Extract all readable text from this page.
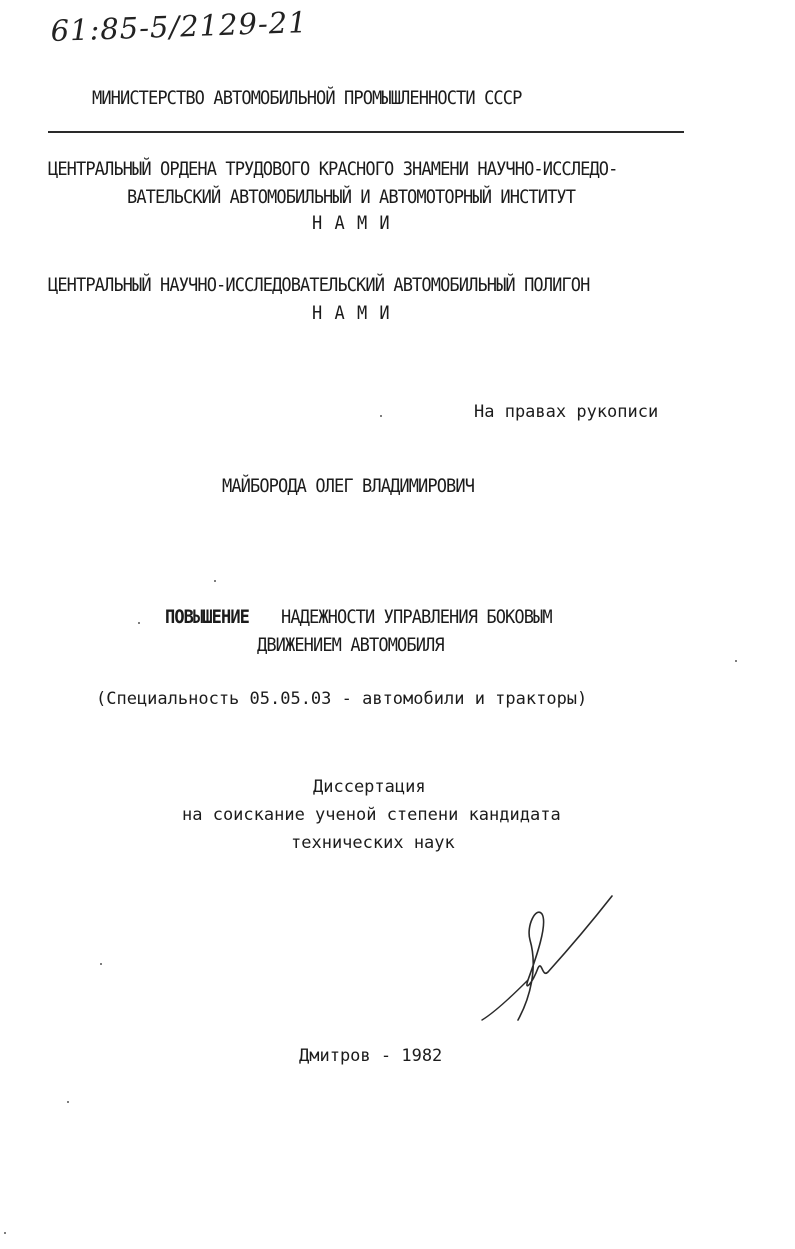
61:85-5/2129-21
МИНИСТЕРСТВО АВТОМОБИЛЬНОЙ ПРОМЫШЛЕННОСТИ СССР
ЦЕНТРАЛЬНЫЙ ОРДЕНА ТРУДОВОГО КРАСНОГО ЗНАМЕНИ НАУЧНО-ИССЛЕДО-
ВАТЕЛЬСКИЙ АВТОМОБИЛЬНЫЙ И АВТОМОТОРНЫЙ ИНСТИТУТ
Н А М И
ЦЕНТРАЛЬНЫЙ НАУЧНО-ИССЛЕДОВАТЕЛЬСКИЙ АВТОМОБИЛЬНЫЙ ПОЛИГОН
Н А М И
На правах рукописи
МАЙБОРОДА ОЛЕГ ВЛАДИМИРОВИЧ
ПОВЫШЕНИЕ НАДЕЖНОСТИ УПРАВЛЕНИЯ БОКОВЫМ
ДВИЖЕНИЕМ АВТОМОБИЛЯ
(Специальность 05.05.03 - автомобили и тракторы)
Диссертация
на соискание ученой степени кандидата
технических наук
Дмитров - 1982
